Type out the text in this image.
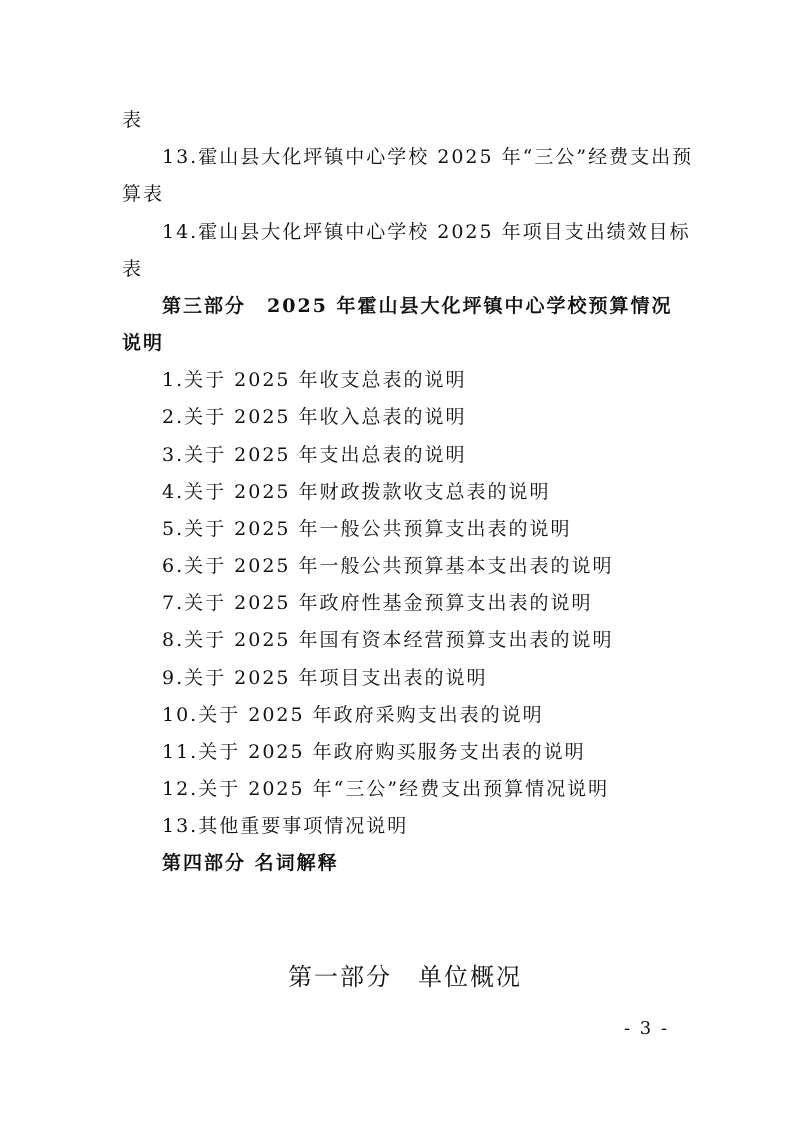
表
13.霍山县大化坪镇中心学校 2025 年“三公”经费支出预
算表
14.霍山县大化坪镇中心学校 2025 年项目支出绩效目标
表
第三部分　2025 年霍山县大化坪镇中心学校预算情况
说明
1.关于 2025 年收支总表的说明
2.关于 2025 年收入总表的说明
3.关于 2025 年支出总表的说明
4.关于 2025 年财政拨款收支总表的说明
5.关于 2025 年一般公共预算支出表的说明
6.关于 2025 年一般公共预算基本支出表的说明
7.关于 2025 年政府性基金预算支出表的说明
8.关于 2025 年国有资本经营预算支出表的说明
9.关于 2025 年项目支出表的说明
10.关于 2025 年政府采购支出表的说明
11.关于 2025 年政府购买服务支出表的说明
12.关于 2025 年“三公”经费支出预算情况说明
13.其他重要事项情况说明
第四部分 名词解释
第一部分　单位概况
- 3 -
